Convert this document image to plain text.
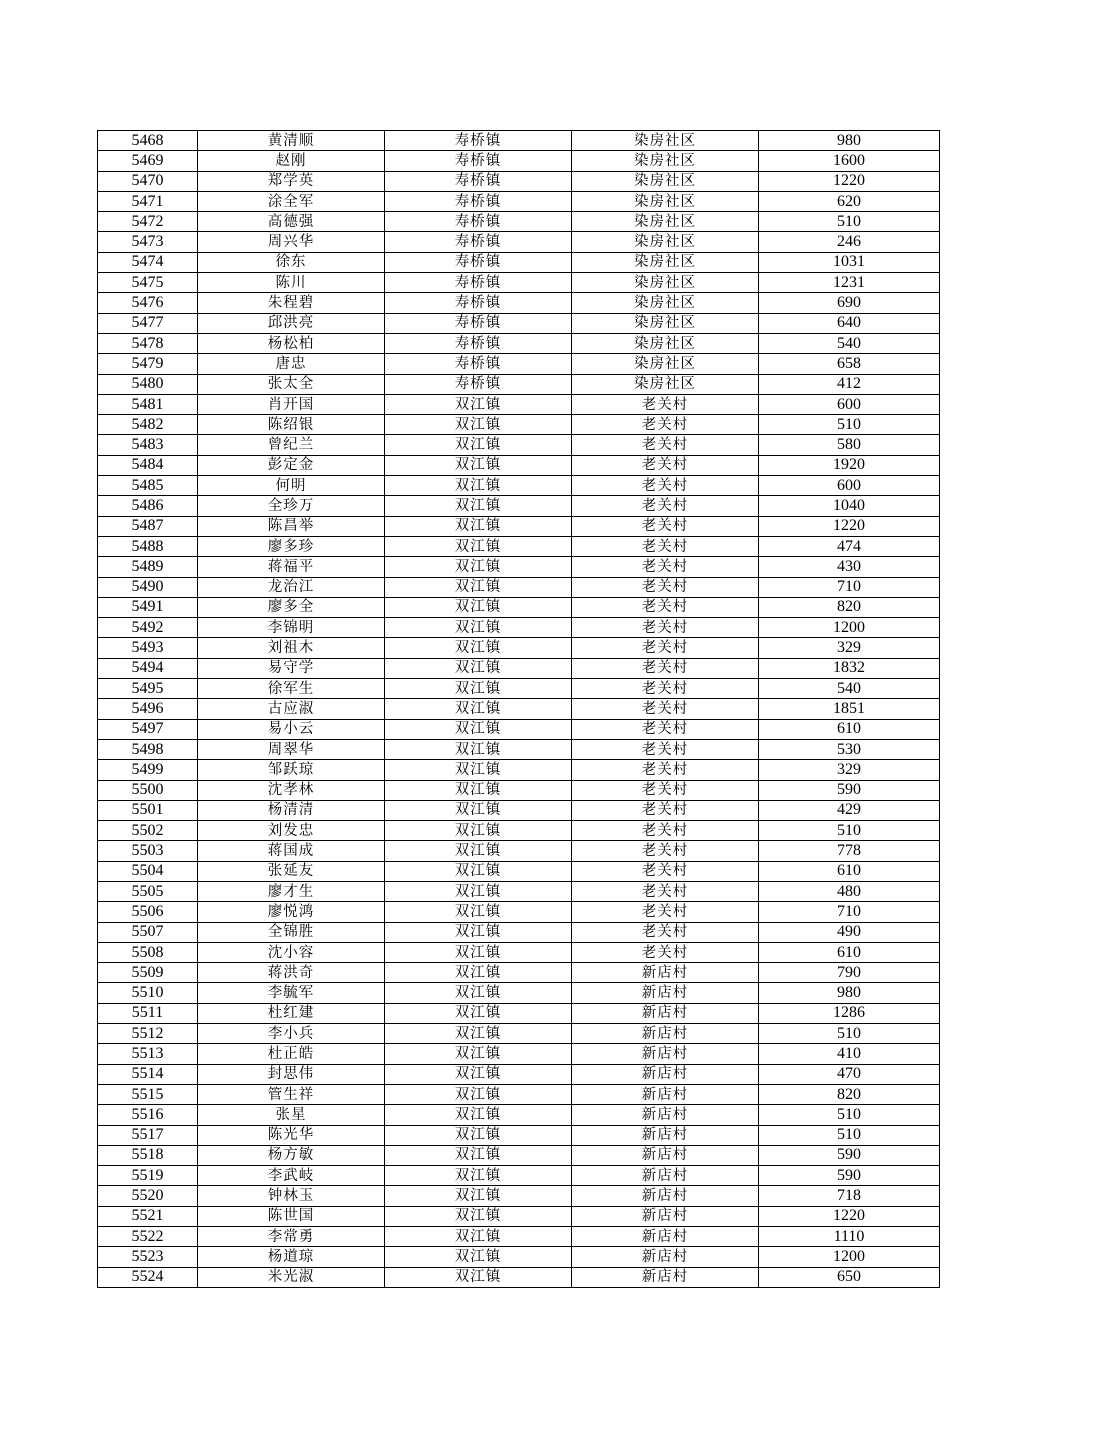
5468	黄清顺	寿桥镇	染房社区	980
5469	赵刚	寿桥镇	染房社区	1600
5470	郑学英	寿桥镇	染房社区	1220
5471	涂全军	寿桥镇	染房社区	620
5472	高德强	寿桥镇	染房社区	510
5473	周兴华	寿桥镇	染房社区	246
5474	徐东	寿桥镇	染房社区	1031
5475	陈川	寿桥镇	染房社区	1231
5476	朱程碧	寿桥镇	染房社区	690
5477	邱洪亮	寿桥镇	染房社区	640
5478	杨松柏	寿桥镇	染房社区	540
5479	唐忠	寿桥镇	染房社区	658
5480	张太全	寿桥镇	染房社区	412
5481	肖开国	双江镇	老关村	600
5482	陈绍银	双江镇	老关村	510
5483	曾纪兰	双江镇	老关村	580
5484	彭定金	双江镇	老关村	1920
5485	何明	双江镇	老关村	600
5486	全珍万	双江镇	老关村	1040
5487	陈昌举	双江镇	老关村	1220
5488	廖多珍	双江镇	老关村	474
5489	蒋福平	双江镇	老关村	430
5490	龙治江	双江镇	老关村	710
5491	廖多全	双江镇	老关村	820
5492	李锦明	双江镇	老关村	1200
5493	刘祖木	双江镇	老关村	329
5494	易守学	双江镇	老关村	1832
5495	徐军生	双江镇	老关村	540
5496	古应淑	双江镇	老关村	1851
5497	易小云	双江镇	老关村	610
5498	周翠华	双江镇	老关村	530
5499	邹跃琼	双江镇	老关村	329
5500	沈孝林	双江镇	老关村	590
5501	杨清清	双江镇	老关村	429
5502	刘发忠	双江镇	老关村	510
5503	蒋国成	双江镇	老关村	778
5504	张延友	双江镇	老关村	610
5505	廖才生	双江镇	老关村	480
5506	廖悦鸿	双江镇	老关村	710
5507	全锦胜	双江镇	老关村	490
5508	沈小容	双江镇	老关村	610
5509	蒋洪奇	双江镇	新店村	790
5510	李毓军	双江镇	新店村	980
5511	杜红建	双江镇	新店村	1286
5512	李小兵	双江镇	新店村	510
5513	杜正皓	双江镇	新店村	410
5514	封思伟	双江镇	新店村	470
5515	管生祥	双江镇	新店村	820
5516	张星	双江镇	新店村	510
5517	陈光华	双江镇	新店村	510
5518	杨方敏	双江镇	新店村	590
5519	李武岐	双江镇	新店村	590
5520	钟林玉	双江镇	新店村	718
5521	陈世国	双江镇	新店村	1220
5522	李常勇	双江镇	新店村	1110
5523	杨道琼	双江镇	新店村	1200
5524	米光淑	双江镇	新店村	650
